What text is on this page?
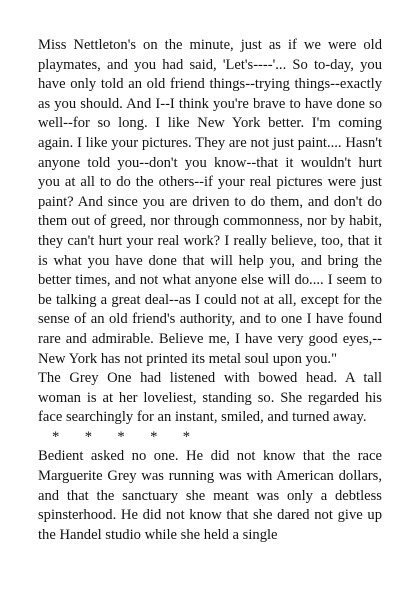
Miss Nettleton's on the minute, just as if we were old playmates, and you had said, 'Let's----'... So to-day, you have only told an old friend things--trying things--exactly as you should. And I--I think you're brave to have done so well--for so long. I like New York better. I'm coming again. I like your pictures. They are not just paint.... Hasn't anyone told you--don't you know--that it wouldn't hurt you at all to do the others--if your real pictures were just paint? And since you are driven to do them, and don't do them out of greed, nor through commonness, nor by habit, they can't hurt your real work? I really believe, too, that it is what you have done that will help you, and bring the better times, and not what anyone else will do.... I seem to be talking a great deal--as I could not at all, except for the sense of an old friend's authority, and to one I have found rare and admirable. Believe me, I have very good eyes,--New York has not printed its metal soul upon you."

The Grey One had listened with bowed head. A tall woman is at her loveliest, standing so. She regarded his face searchingly for an instant, smiled, and turned away.

*      *      *      *      *

Bedient asked no one. He did not know that the race Marguerite Grey was running was with American dollars, and that the sanctuary she meant was only a debtless spinsterhood. He did not know that she dared not give up the Handel studio while she held a single
